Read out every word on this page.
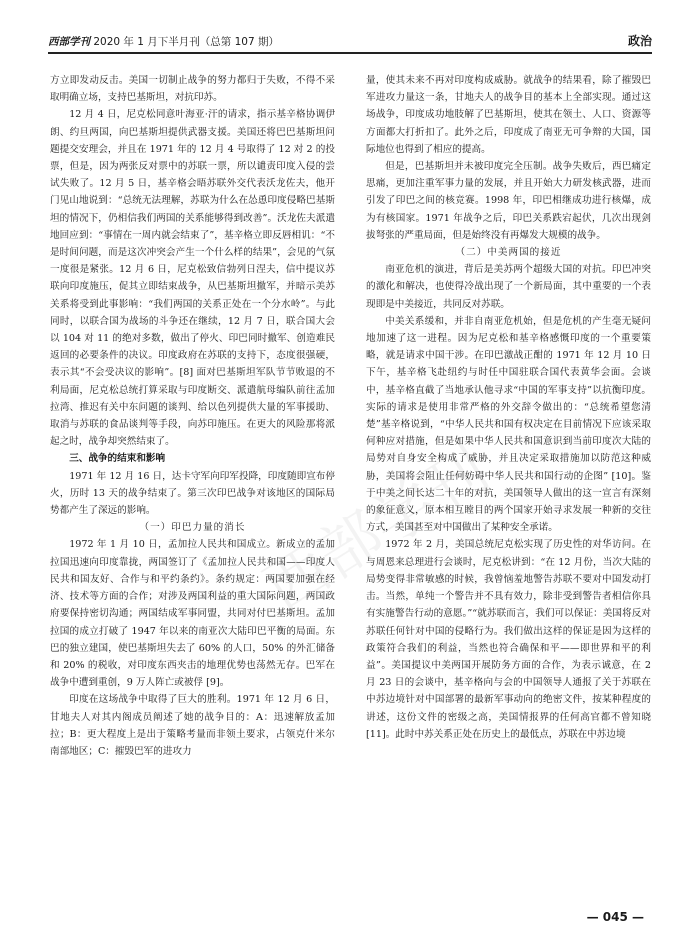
西部学刊 2020 年 1 月下半月刊（总第 107 期）	政治

方立即发动反击。美国一切制止战争的努力都归于失败，不得不采取明确立场，支持巴基斯坦，对抗印苏。

12 月 4 日，尼克松同意叶海亚·汗的请求，指示基辛格协调伊朗、约旦两国，向巴基斯坦提供武器支援。美国还将巴巴基斯坦问题提交安理会，并且在 1971 年的 12 月 4 号取得了 12 对 2 的投票，但是，因为两张反对票中的苏联一票，所以谴责印度入侵的尝试失败了。12 月 5 日，基辛格会晤苏联外交代表沃龙佐夫，他开门见山地说到：“总统无法理解，苏联为什么在怂恿印度侵略巴基斯坦的情况下，仍相信我们两国的关系能够得到改善”。沃龙佐夫派遣地回应到：“事情在一周内就会结束了”，基辛格立即反唇相讥：“不是时间问题，而是这次冲突会产生一个什么样的结果”，会见的气氛一度很是紧张。12 月 6 日，尼克松致信勃列日涅夫，信中提议苏联向印度施压，促其立即结束战争，从巴基斯坦撤军，并暗示美苏关系将受到此事影响：“我们两国的关系正处在一个分水岭”。与此同时，以联合国为战场的斗争还在继续，12 月 7 日，联合国大会以 104 对 11 的绝对多数，做出了停火、印巴同时撤军、创造难民返回的必要条件的决议。印度政府在苏联的支持下，态度很强硬，表示其“不会受决议的影响”。[8] 面对巴基斯坦军队节节败退的不利局面，尼克松总统打算采取与印度断交、派遣航母编队前往孟加拉湾、推迟有关中东问题的谈判、给以色列提供大量的军事援助、取消与苏联的食品谈判等手段，向苏印施压。在更大的风险那将派起之时，战争却突然结束了。

三、战争的结束和影响

1971 年 12 月 16 日，达卡守军向印军投降，印度随即宣布停火，历时 13 天的战争结束了。第三次印巴战争对该地区的国际局势都产生了深远的影响。

（一）印巴力量的消长

1972 年 1 月 10 日，孟加拉人民共和国成立。新成立的孟加拉国迅速向印度靠拢，两国签订了《孟加拉人民共和国——印度人民共和国友好、合作与和平约条约》。条约规定：两国要加强在经济、技术等方面的合作；对涉及两国利益的重大国际问题，两国政府要保持密切沟通；两国结成军事同盟，共同对付巴基斯坦。孟加拉国的成立打破了 1947 年以来的南亚次大陆印巴平衡的局面。东巴的独立建国，使巴基斯坦失去了 60% 的人口，50% 的外汇储备和 20% 的税收，对印度东西夹击的地理优势也荡然无存。巴军在战争中遭到重创，9 万人阵亡或被俘 [9]。

印度在这场战争中取得了巨大的胜利。1971 年 12 月 6 日，甘地夫人对其内阁成员阐述了她的战争目的：A：迅速解放孟加拉；B：更大程度上是出于策略考量而非领土要求，占领克什米尔南部地区；C：摧毁巴军的进攻力

量，使其未来不再对印度构成威胁。就战争的结果看，除了摧毁巴军进攻力量这一条，甘地夫人的战争目的基本上全部实现。通过这场战争，印度成功地肢解了巴基斯坦，使其在领土、人口、资源等方面都大打折扣了。此外之后，印度成了南亚无可争辩的大国，国际地位也得到了相应的提高。

但是，巴基斯坦并未被印度完全压制。战争失败后，西巴痛定思痛，更加注重军事力量的发展，并且开始大力研发核武器，进而引发了印巴之间的核竞赛。1998 年，印巴相继成功进行核爆，成为有核国家。1971 年战争之后，印巴关系跌宕起伏，几次出现剑拔弩张的严重局面，但是始终没有再爆发大规模的战争。

（二）中美两国的接近

南亚危机的演进，背后是美苏两个超级大国的对抗。印巴冲突的激化和解决，也使得冷战出现了一个新局面，其中重要的一个表现即是中美接近，共同反对苏联。

中美关系缓和，并非自南亚危机始，但是危机的产生毫无疑问地加速了这一进程。因为尼克松和基辛格感慨印度的一个重要策略，就是请求中国干涉。在印巴激战正酣的 1971 年 12 月 10 日下午，基辛格飞赴纽约与时任中国驻联合国代表黄华会面。会谈中，基辛格直截了当地承认他寻求“中国的军事支持”以抗衡印度。实际的请求是使用非常严格的外交辞令做出的：“总统希望您清楚”基辛格说到，“中华人民共和国有权决定在目前情况下应该采取何种应对措施，但是如果中华人民共和国意识到当前印度次大陆的局势对自身安全构成了威胁，并且决定采取措施加以防范这种威胁，美国将会阻止任何妨碍中华人民共和国行动的企图” [10]。鉴于中美之间长达二十年的对抗，美国领导人做出的这一宣言有深刻的象征意义，原本相互瞠目的两个国家开始寻求发展一种新的交往方式，美国甚至对中国做出了某种安全承诺。

1972 年 2 月，美国总统尼克松实现了历史性的对华访问。在与周恩来总理进行会谈时，尼克松讲到：“在 12 月份，当次大陆的局势变得非常敏感的时候，我曾恼羞地警告苏联不要对中国发动打击。当然，单纯一个警告并不具有效力，除非受到警告者相信你具有实施警告行动的意愿。”“就苏联而言，我们可以保证：美国将反对苏联任何针对中国的侵略行为。我们做出这样的保证是因为这样的政策符合我们的利益，当然也符合确保和平——即世界和平的利益”。美国提议中美两国开展防务方面的合作，为表示诚意，在 2 月 23 日的会谈中，基辛格向与会的中国领导人通报了关于苏联在中苏边境针对中国部署的最新军事动向的绝密文件，按某种程度的讲述，这份文件的密级之高，美国情报界的任何高官都不曾知晓 [11]。此时中苏关系正处在历史上的最低点，苏联在中苏边境

— 045 —
